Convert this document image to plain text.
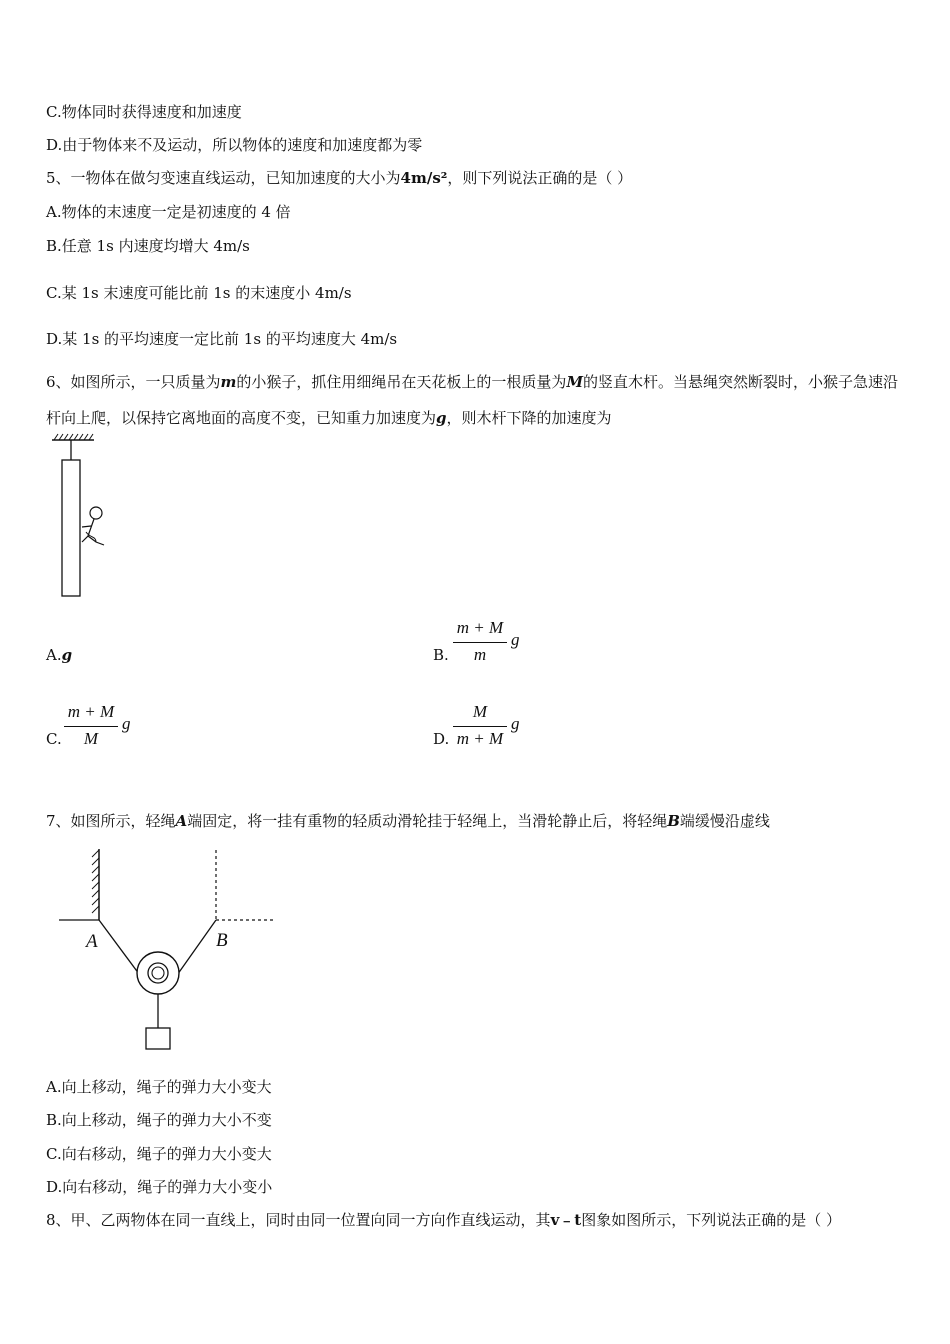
C.物体同时获得速度和加速度
D.由于物体来不及运动，所以物体的速度和加速度都为零
5、一物体在做匀变速直线运动，已知加速度的大小为4m/s²，则下列说法正确的是（ ）
A.物体的末速度一定是初速度的 4 倍
B.任意 1s 内速度均增大 4m/s
C.某 1s 末速度可能比前 1s 的末速度小 4m/s
D.某 1s 的平均速度一定比前 1s 的平均速度大 4m/s
6、如图所示，一只质量为m的小猴子，抓住用细绳吊在天花板上的一根质量为M的竖直木杆。当悬绳突然断裂时，小猴子急速沿杆向上爬，以保持它离地面的高度不变，已知重力加速度为g，则木杆下降的加速度为
A.g	B.
m + M
m
g
C.
m + M
M
g
D.
M
m + M
g
7、如图所示，轻绳A端固定，将一挂有重物的轻质动滑轮挂于轻绳上，当滑轮静止后，将轻绳B端缓慢沿虚线
A	B
A.向上移动，绳子的弹力大小变大
B.向上移动，绳子的弹力大小不变
C.向右移动，绳子的弹力大小变大
D.向右移动，绳子的弹力大小变小
8、甲、乙两物体在同一直线上，同时由同一位置向同一方向作直线运动，其v﹣t图象如图所示，下列说法正确的是（ ）
